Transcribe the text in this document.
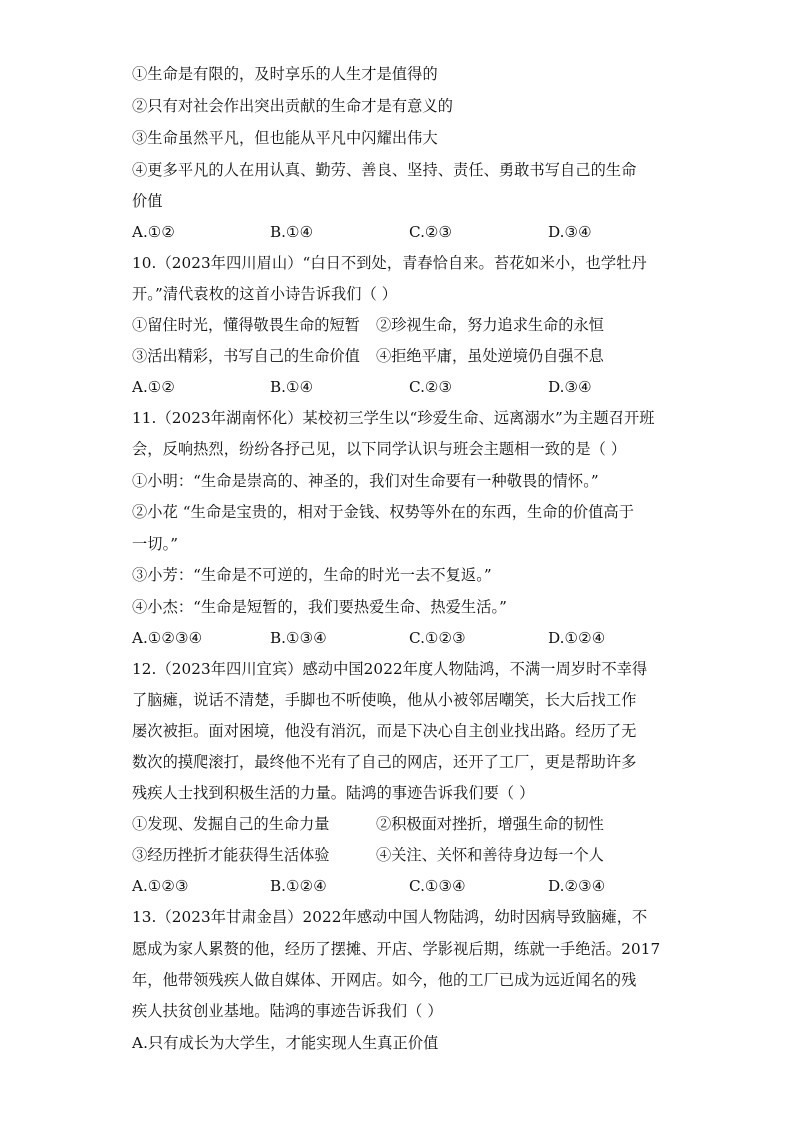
①生命是有限的，及时享乐的人生才是值得的
②只有对社会作出突出贡献的生命才是有意义的
③生命虽然平凡，但也能从平凡中闪耀出伟大
④更多平凡的人在用认真、勤劳、善良、坚持、责任、勇敢书写自己的生命
价值
A.①②	B.①④	C.②③	D.③④
10.（2023年四川眉山）“白日不到处，青春恰自来。苔花如米小，也学牡丹
开。”清代袁枚的这首小诗告诉我们（ ）
①留住时光，懂得敬畏生命的短暂 ②珍视生命，努力追求生命的永恒
③活出精彩，书写自己的生命价值 ④拒绝平庸，虽处逆境仍自强不息
A.①②	B.①④	C.②③	D.③④
11.（2023年湖南怀化）某校初三学生以“珍爱生命、远离溺水”为主题召开班
会，反响热烈，纷纷各抒己见，以下同学认识与班会主题相一致的是（ ）
①小明：“生命是崇高的、神圣的，我们对生命要有一种敬畏的情怀。”
②小花 “生命是宝贵的，相对于金钱、权势等外在的东西，生命的价值高于
一切。”
③小芳：“生命是不可逆的，生命的时光一去不复返。”
④小杰：“生命是短暂的，我们要热爱生命、热爱生活。”
A.①②③④	B.①③④	C.①②③	D.①②④
12.（2023年四川宜宾）感动中国2022年度人物陆鸿，不满一周岁时不幸得
了脑瘫，说话不清楚，手脚也不听使唤，他从小被邻居嘲笑，长大后找工作
屡次被拒。面对困境，他没有消沉，而是下决心自主创业找出路。经历了无
数次的摸爬滚打，最终他不光有了自己的网店，还开了工厂，更是帮助许多
残疾人士找到积极生活的力量。陆鸿的事迹告诉我们要（ ）
①发现、发掘自己的生命力量	②积极面对挫折，增强生命的韧性
③经历挫折才能获得生活体验	④关注、关怀和善待身边每一个人
A.①②③	B.①②④	C.①③④	D.②③④
13.（2023年甘肃金昌）2022年感动中国人物陆鸿，幼时因病导致脑瘫，不
愿成为家人累赘的他，经历了摆摊、开店、学影视后期，练就一手绝活。2017
年，他带领残疾人做自媒体、开网店。如今，他的工厂已成为远近闻名的残
疾人扶贫创业基地。陆鸿的事迹告诉我们（ ）
A.只有成长为大学生，才能实现人生真正价值
